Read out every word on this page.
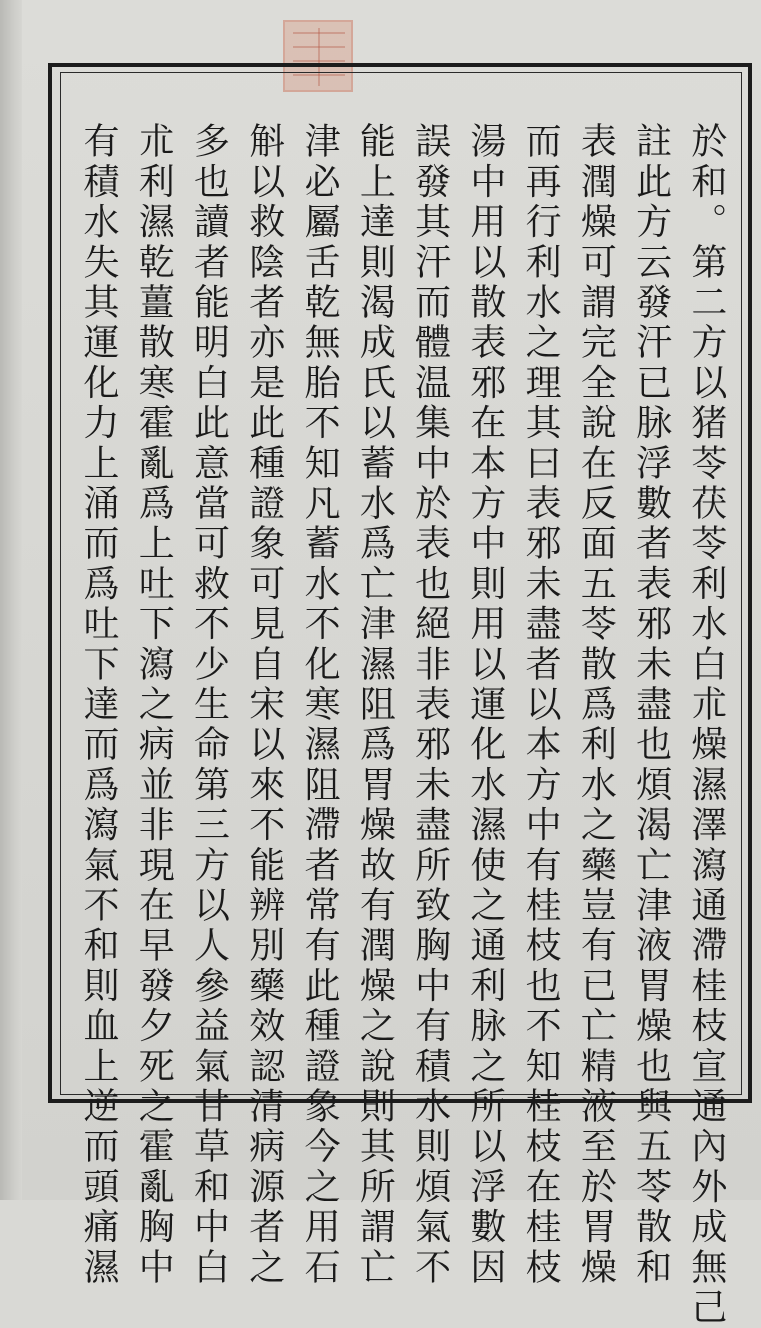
於和。第二方以猪苓茯苓利水白朮燥濕澤瀉通滯桂枝宣通內外成無己
註此方云發汗已脉浮數者表邪未盡也煩渴亡津液胃燥也與五苓散和
表潤燥可謂完全說在反面五苓散爲利水之藥豈有已亡精液至於胃燥
而再行利水之理其曰表邪未盡者以本方中有桂枝也不知桂枝在桂枝
湯中用以散表邪在本方中則用以運化水濕使之通利脉之所以浮數因
誤發其汗而體温集中於表也絕非表邪未盡所致胸中有積水則煩氣不
能上達則渴成氏以蓄水爲亡津濕阻爲胃燥故有潤燥之說則其所謂亡
津必屬舌乾無胎不知凡蓄水不化寒濕阻滯者常有此種證象今之用石
斛以救陰者亦是此種證象可見自宋以來不能辨別藥效認清病源者之
多也讀者能明白此意當可救不少生命第三方以人參益氣甘草和中白
朮利濕乾薑散寒霍亂爲上吐下瀉之病並非現在早發夕死之霍亂胸中
有積水失其運化力上涌而爲吐下達而爲瀉氣不和則血上逆而頭痛濕
